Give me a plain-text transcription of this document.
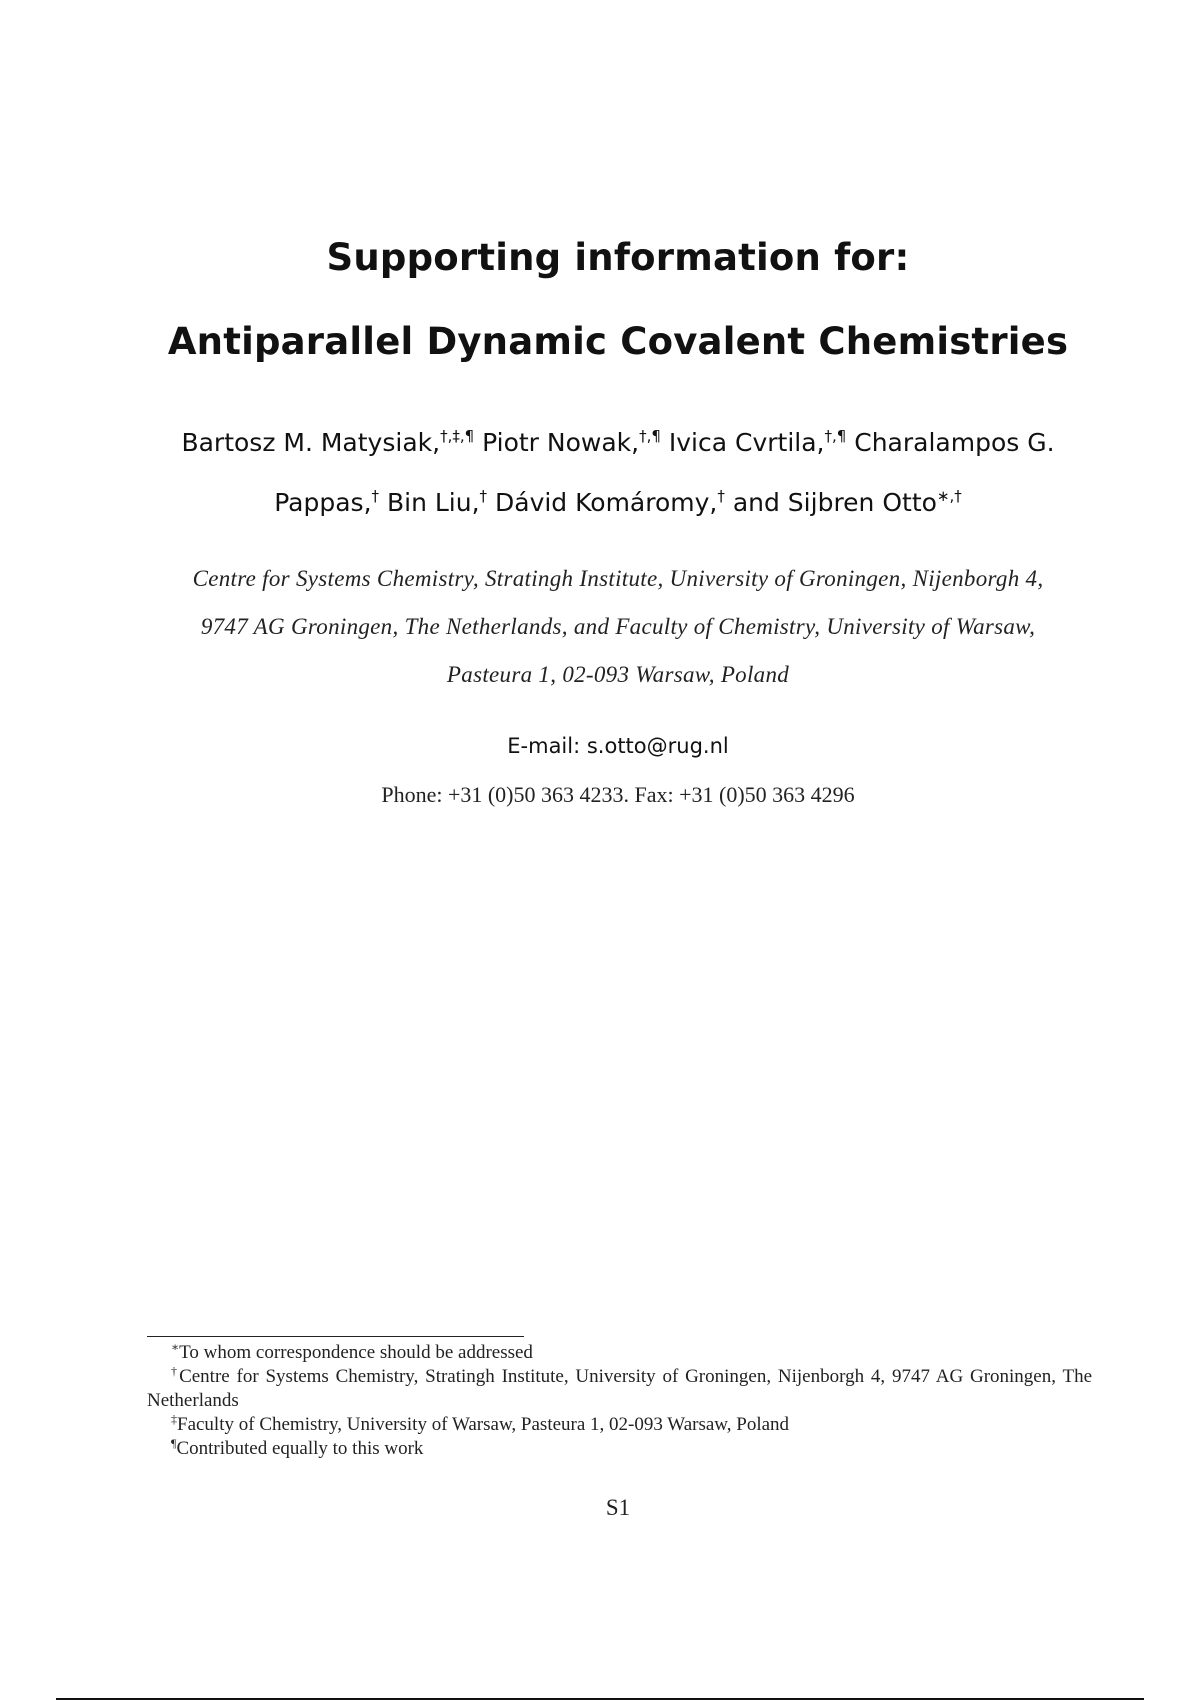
Supporting information for:
Antiparallel Dynamic Covalent Chemistries
Bartosz M. Matysiak,†,‡,¶ Piotr Nowak,†,¶ Ivica Cvrtila,†,¶ Charalampos G.
Pappas,† Bin Liu,† Dávid Komáromy,† and Sijbren Otto∗,†
Centre for Systems Chemistry, Stratingh Institute, University of Groningen, Nijenborgh 4,
9747 AG Groningen, The Netherlands, and Faculty of Chemistry, University of Warsaw,
Pasteura 1, 02-093 Warsaw, Poland
E-mail: s.otto@rug.nl
Phone: +31 (0)50 363 4233. Fax: +31 (0)50 363 4296
∗To whom correspondence should be addressed
†Centre for Systems Chemistry, Stratingh Institute, University of Groningen, Nijenborgh 4, 9747 AG Groningen, The Netherlands
‡Faculty of Chemistry, University of Warsaw, Pasteura 1, 02-093 Warsaw, Poland
¶Contributed equally to this work
S1
